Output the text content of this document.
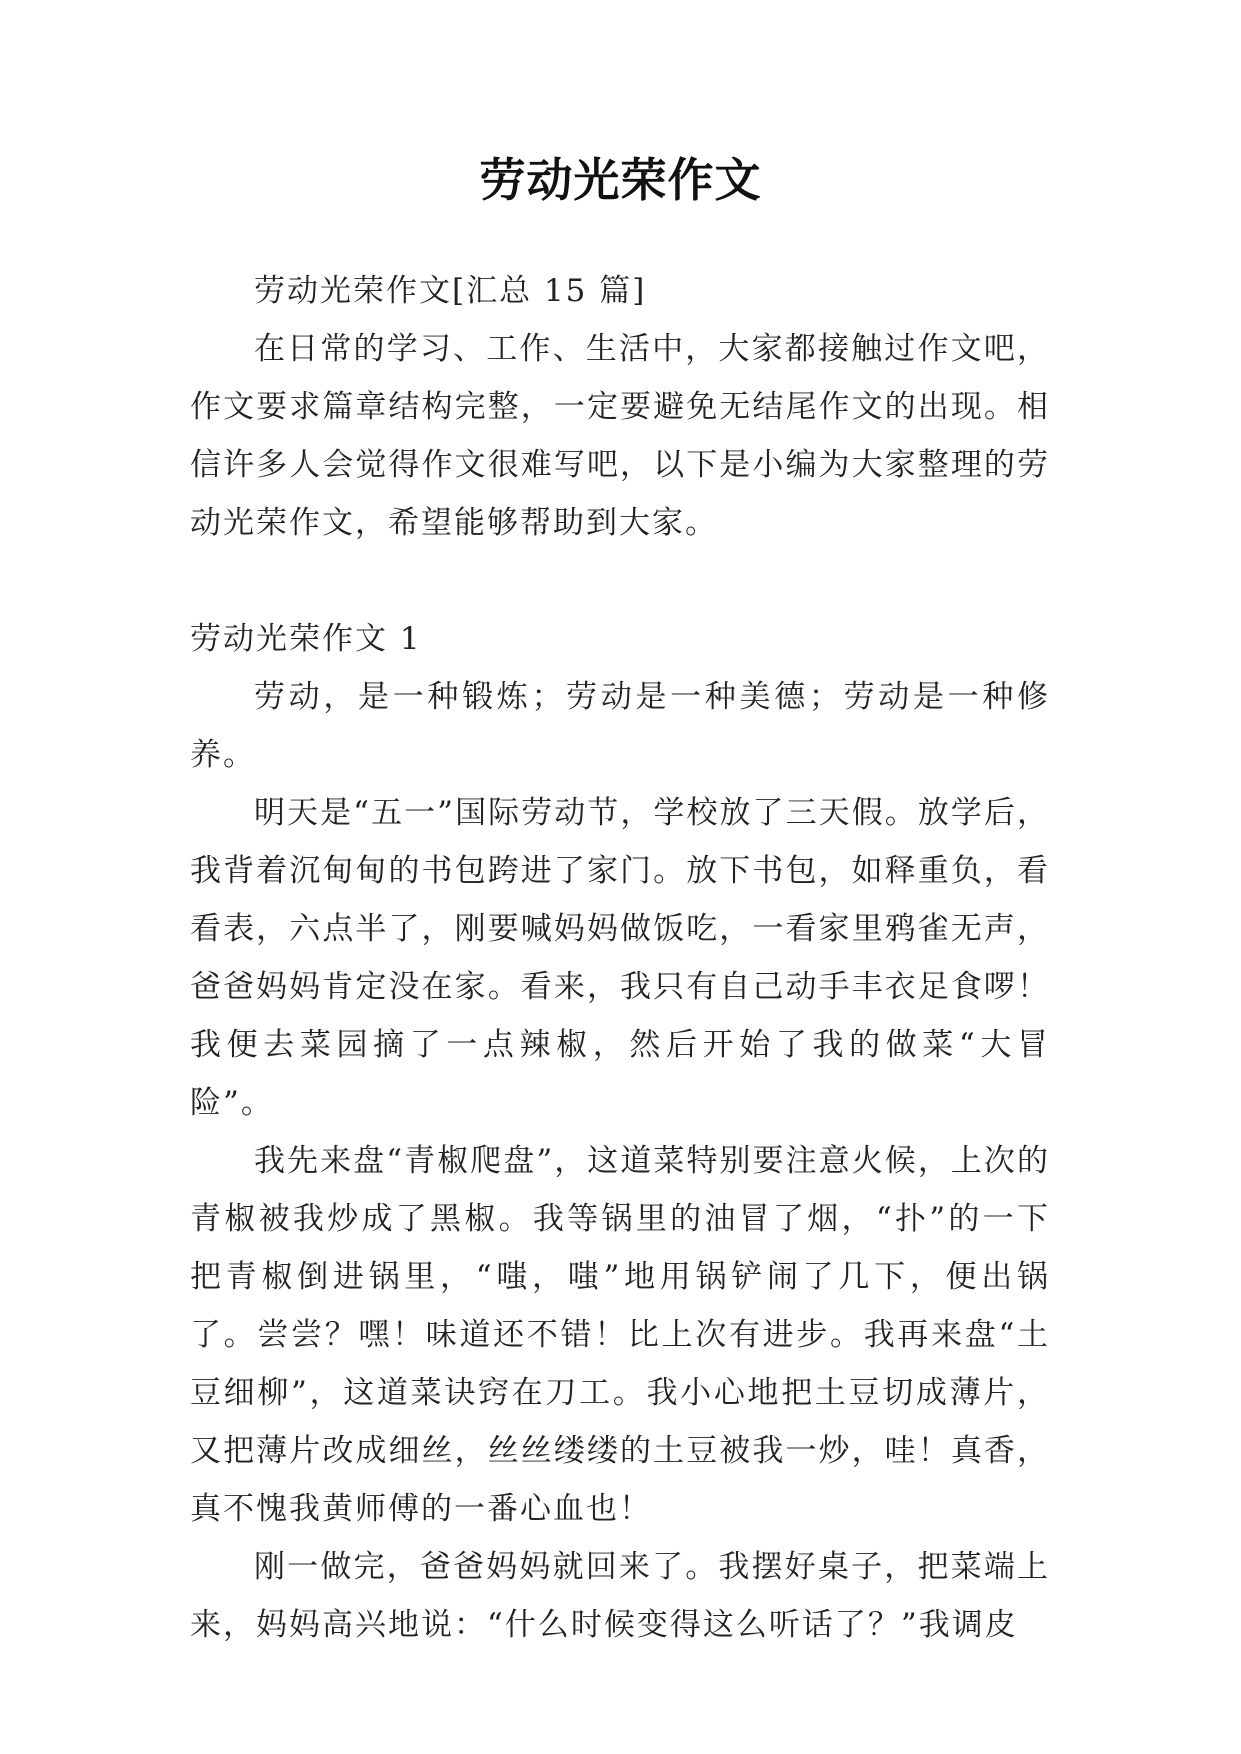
劳动光荣作文

劳动光荣作文[汇总 15 篇]

在日常的学习、工作、生活中，大家都接触过作文吧，作文要求篇章结构完整，一定要避免无结尾作文的出现。相信许多人会觉得作文很难写吧，以下是小编为大家整理的劳动光荣作文，希望能够帮助到大家。

劳动光荣作文 1

劳动，是一种锻炼；劳动是一种美德；劳动是一种修养。

明天是“五一”国际劳动节，学校放了三天假。放学后，我背着沉甸甸的书包跨进了家门。放下书包，如释重负，看看表，六点半了，刚要喊妈妈做饭吃，一看家里鸦雀无声，爸爸妈妈肯定没在家。看来，我只有自己动手丰衣足食啰！我便去菜园摘了一点辣椒，然后开始了我的做菜“大冒险”。

我先来盘“青椒爬盘”，这道菜特别要注意火候，上次的青椒被我炒成了黑椒。我等锅里的油冒了烟，“扑”的一下把青椒倒进锅里，“嗤，嗤”地用锅铲闹了几下，便出锅了。尝尝？嘿！味道还不错！比上次有进步。我再来盘“土豆细柳”，这道菜诀窍在刀工。我小心地把土豆切成薄片，又把薄片改成细丝，丝丝缕缕的土豆被我一炒，哇！真香，真不愧我黄师傅的一番心血也！

刚一做完，爸爸妈妈就回来了。我摆好桌子，把菜端上来，妈妈高兴地说：“什么时候变得这么听话了？”我调皮
